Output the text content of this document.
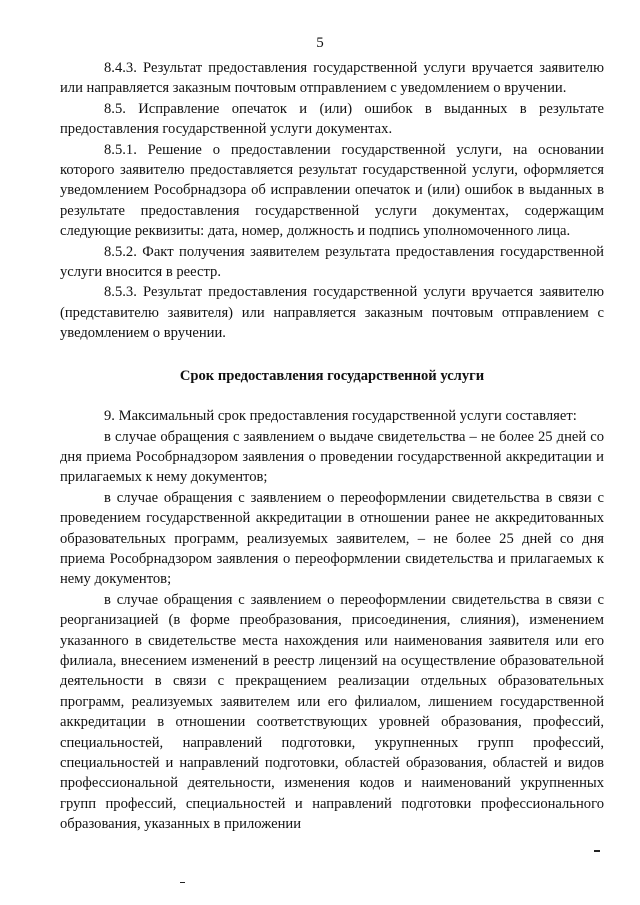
5

8.4.3. Результат предоставления государственной услуги вручается заявителю или направляется заказным почтовым отправлением с уведомлением о вручении.

8.5. Исправление опечаток и (или) ошибок в выданных в результате предоставления государственной услуги документах.

8.5.1. Решение о предоставлении государственной услуги, на основании которого заявителю предоставляется результат государственной услуги, оформляется уведомлением Рособрнадзора об исправлении опечаток и (или) ошибок в выданных в результате предоставления государственной услуги документах, содержащим следующие реквизиты: дата, номер, должность и подпись уполномоченного лица.

8.5.2. Факт получения заявителем результата предоставления государственной услуги вносится в реестр.

8.5.3. Результат предоставления государственной услуги вручается заявителю (представителю заявителя) или направляется заказным почтовым отправлением с уведомлением о вручении.

Срок предоставления государственной услуги

9. Максимальный срок предоставления государственной услуги составляет:

в случае обращения с заявлением о выдаче свидетельства – не более 25 дней со дня приема Рособрнадзором заявления о проведении государственной аккредитации и прилагаемых к нему документов;

в случае обращения с заявлением о переоформлении свидетельства в связи с проведением государственной аккредитации в отношении ранее не аккредитованных образовательных программ, реализуемых заявителем, – не более 25 дней со дня приема Рособрнадзором заявления о переоформлении свидетельства и прилагаемых к нему документов;

в случае обращения с заявлением о переоформлении свидетельства в связи с реорганизацией (в форме преобразования, присоединения, слияния), изменением указанного в свидетельстве места нахождения или наименования заявителя или его филиала, внесением изменений в реестр лицензий на осуществление образовательной деятельности в связи с прекращением реализации отдельных образовательных программ, реализуемых заявителем или его филиалом, лишением государственной аккредитации в отношении соответствующих уровней образования, профессий, специальностей, направлений подготовки, укрупненных групп профессий, специальностей и направлений подготовки, областей образования, областей и видов профессиональной деятельности, изменения кодов и наименований укрупненных групп профессий, специальностей и направлений подготовки профессионального образования, указанных в приложении
